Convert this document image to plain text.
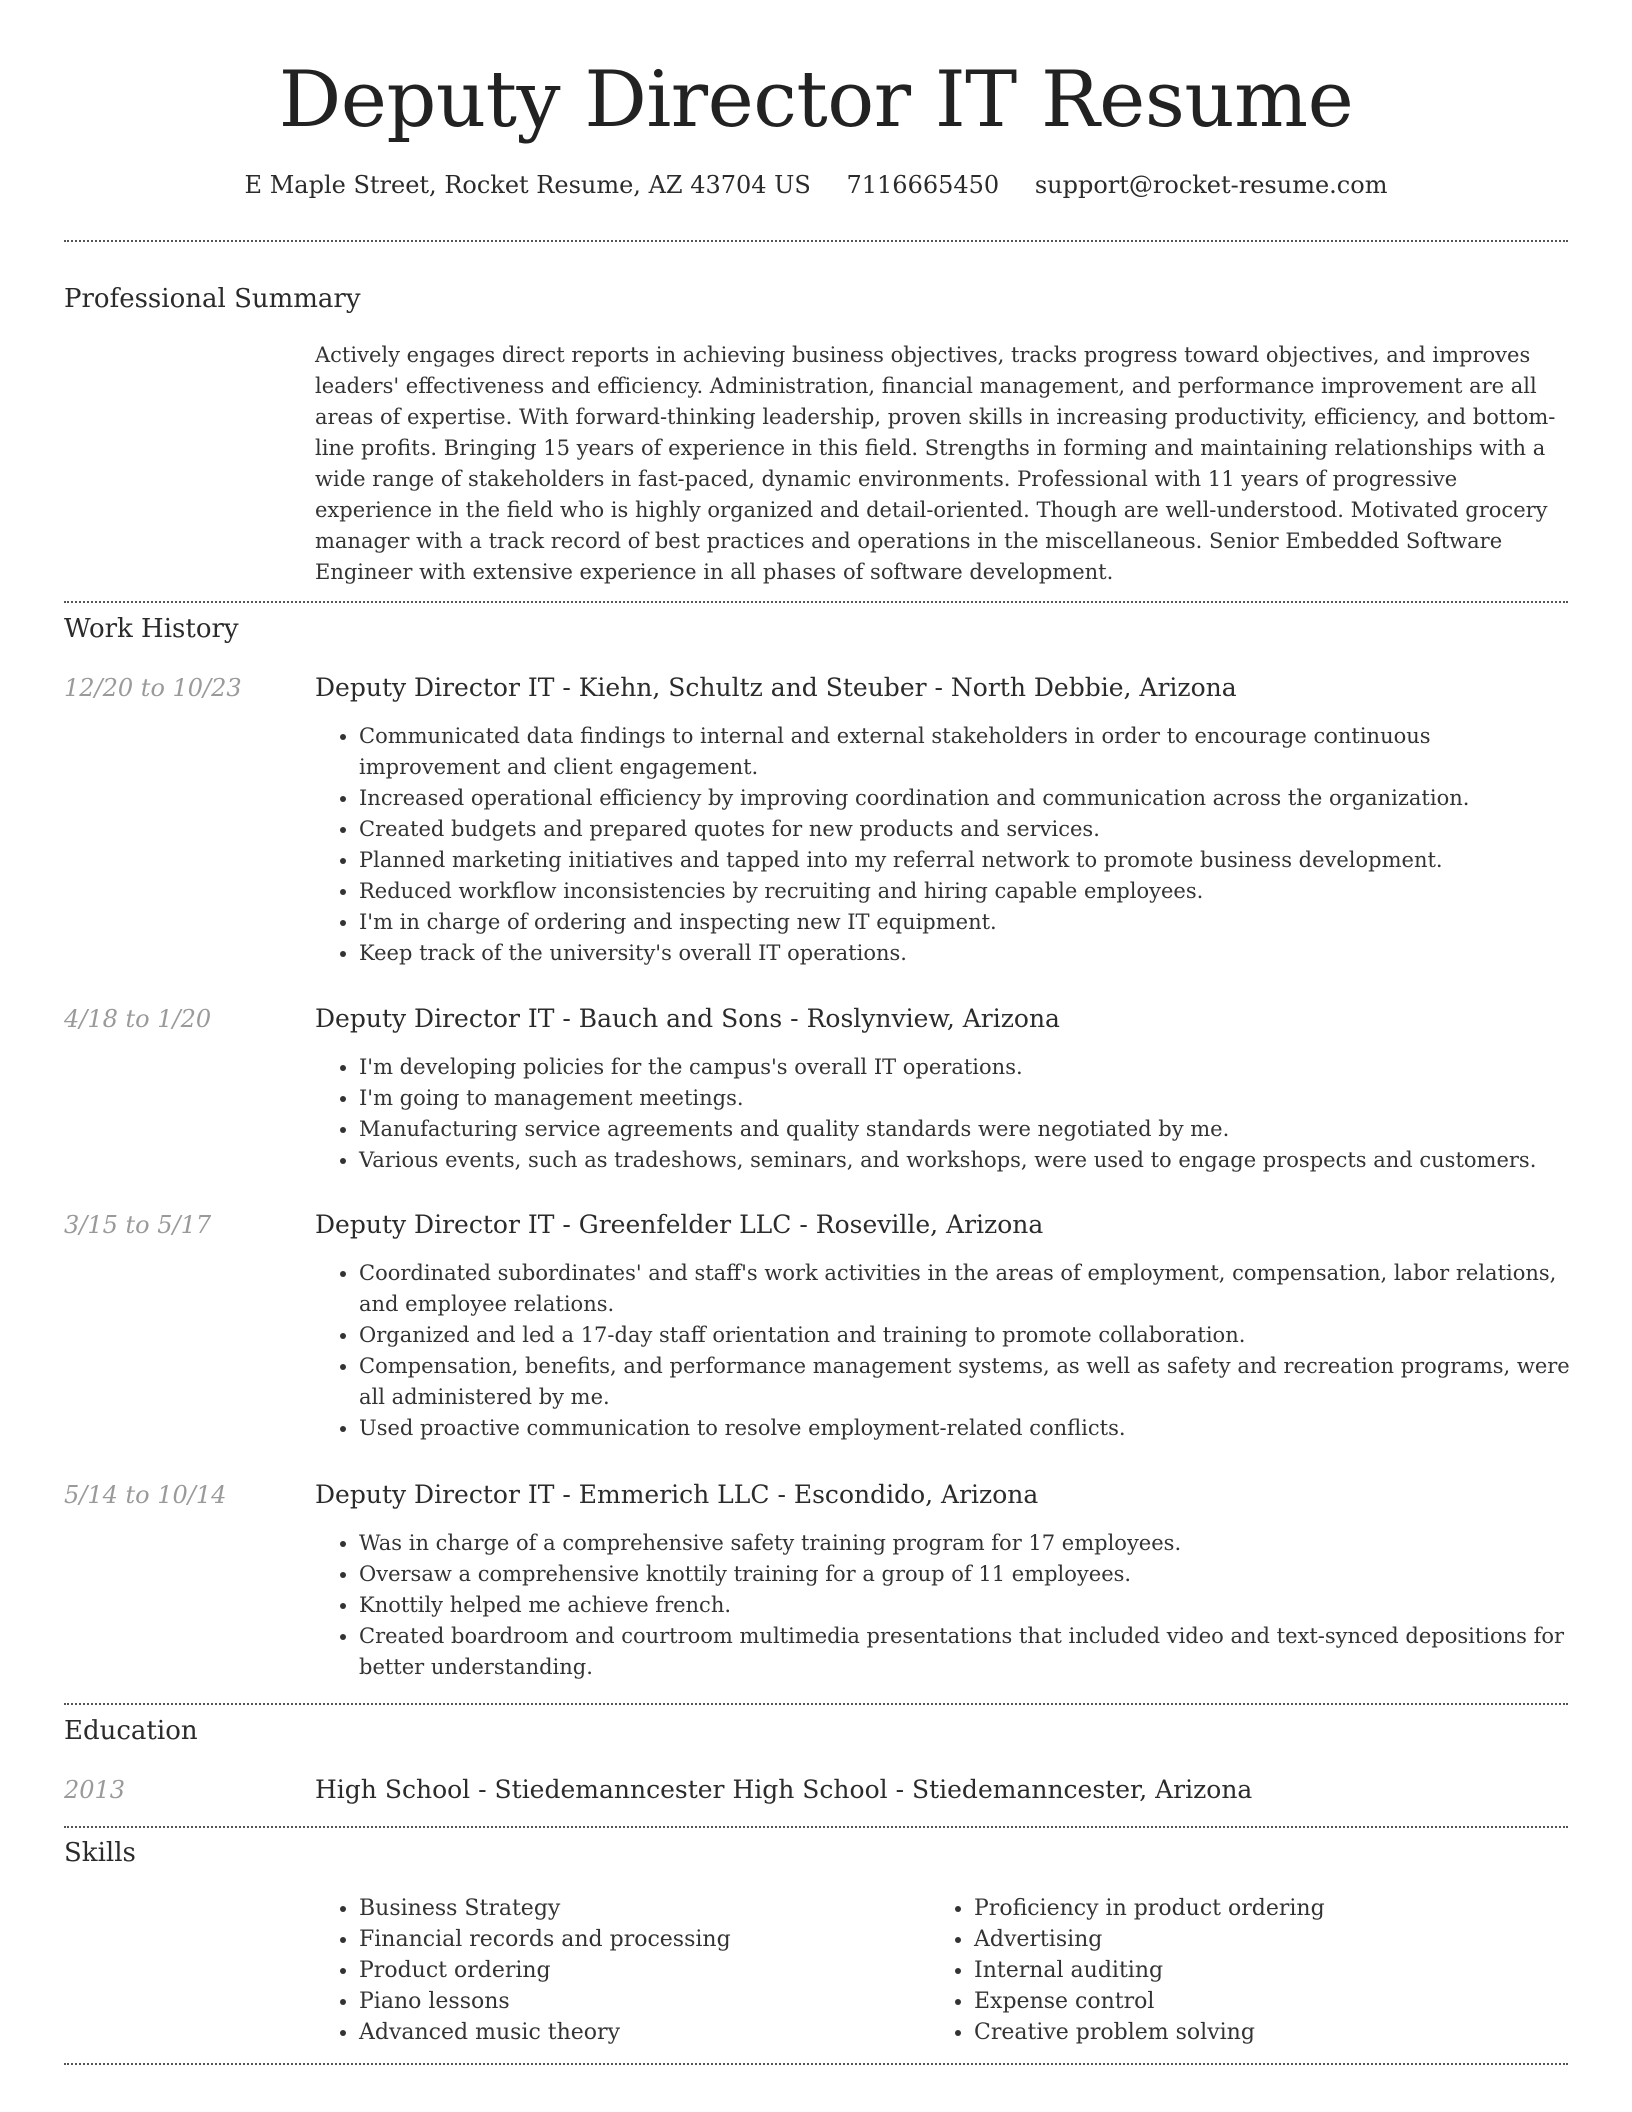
Deputy Director IT Resume
E Maple Street, Rocket Resume, AZ 43704 US 7116665450 support@rocket-resume.com
Professional Summary
Actively engages direct reports in achieving business objectives, tracks progress toward objectives, and improves leaders' effectiveness and efficiency. Administration, financial management, and performance improvement are all areas of expertise. With forward-thinking leadership, proven skills in increasing productivity, efficiency, and bottom-line profits. Bringing 15 years of experience in this field. Strengths in forming and maintaining relationships with a wide range of stakeholders in fast-paced, dynamic environments. Professional with 11 years of progressive experience in the field who is highly organized and detail-oriented. Though are well-understood. Motivated grocery manager with a track record of best practices and operations in the miscellaneous. Senior Embedded Software Engineer with extensive experience in all phases of software development.
Work History
12/20 to 10/23	Deputy Director IT - Kiehn, Schultz and Steuber - North Debbie, Arizona
• Communicated data findings to internal and external stakeholders in order to encourage continuous improvement and client engagement.
• Increased operational efficiency by improving coordination and communication across the organization.
• Created budgets and prepared quotes for new products and services.
• Planned marketing initiatives and tapped into my referral network to promote business development.
• Reduced workflow inconsistencies by recruiting and hiring capable employees.
• I'm in charge of ordering and inspecting new IT equipment.
• Keep track of the university's overall IT operations.
4/18 to 1/20	Deputy Director IT - Bauch and Sons - Roslynview, Arizona
• I'm developing policies for the campus's overall IT operations.
• I'm going to management meetings.
• Manufacturing service agreements and quality standards were negotiated by me.
• Various events, such as tradeshows, seminars, and workshops, were used to engage prospects and customers.
3/15 to 5/17	Deputy Director IT - Greenfelder LLC - Roseville, Arizona
• Coordinated subordinates' and staff's work activities in the areas of employment, compensation, labor relations, and employee relations.
• Organized and led a 17-day staff orientation and training to promote collaboration.
• Compensation, benefits, and performance management systems, as well as safety and recreation programs, were all administered by me.
• Used proactive communication to resolve employment-related conflicts.
5/14 to 10/14	Deputy Director IT - Emmerich LLC - Escondido, Arizona
• Was in charge of a comprehensive safety training program for 17 employees.
• Oversaw a comprehensive knottily training for a group of 11 employees.
• Knottily helped me achieve french.
• Created boardroom and courtroom multimedia presentations that included video and text-synced depositions for better understanding.
Education
2013	High School - Stiedemanncester High School - Stiedemanncester, Arizona
Skills
• Business Strategy
• Financial records and processing
• Product ordering
• Piano lessons
• Advanced music theory
• Proficiency in product ordering
• Advertising
• Internal auditing
• Expense control
• Creative problem solving
